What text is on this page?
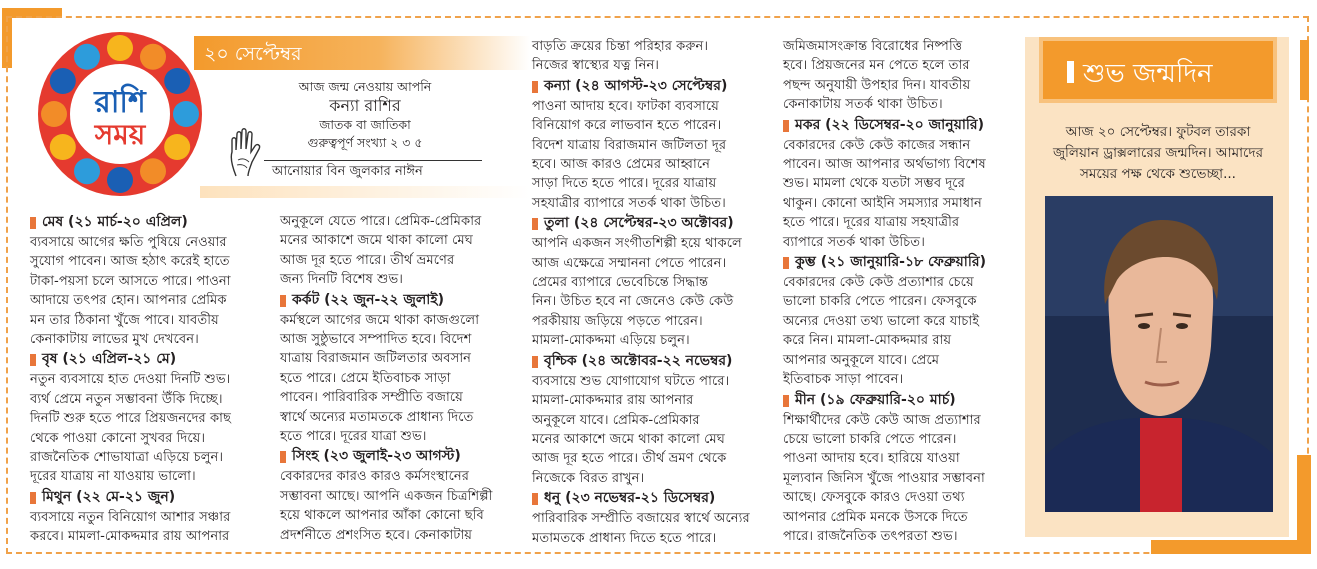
রাশি
সময়
২০ সেপ্টেম্বর
আজ জন্ম নেওয়ায় আপনি
কন্যা রাশির
জাতক বা জাতিকা
গুরুত্বপূর্ণ সংখ্যা ২ ৩ ৫
আনোয়ার বিন জুলকার নাঈন
মেষ (২১ মার্চ-২০ এপ্রিল)
ব্যবসায়ে আগের ক্ষতি পুষিয়ে নেওয়ার
সুযোগ পাবেন। আজ হঠাৎ করেই হাতে
টাকা-পয়সা চলে আসতে পারে। পাওনা
আদায়ে তৎপর হোন। আপনার প্রেমিক
মন তার ঠিকানা খুঁজে পাবে। যাবতীয়
কেনাকাটায় লাভের মুখ দেখবেন।
বৃষ (২১ এপ্রিল-২১ মে)
নতুন ব্যবসায়ে হাত দেওয়া দিনটি শুভ।
ব্যর্থ প্রেমে নতুন সম্ভাবনা উঁকি দিচ্ছে।
দিনটি শুরু হতে পারে প্রিয়জনদের কাছ
থেকে পাওয়া কোনো সুখবর দিয়ে।
রাজনৈতিক শোভাযাত্রা এড়িয়ে চলুন।
দূরের যাত্রায় না যাওয়ায় ভালো।
মিথুন (২২ মে-২১ জুন)
ব্যবসায়ে নতুন বিনিয়োগ আশার সঞ্চার
করবে। মামলা-মোকদ্দমার রায় আপনার
অনুকূলে যেতে পারে। প্রেমিক-প্রেমিকার
মনের আকাশে জমে থাকা কালো মেঘ
আজ দূর হতে পারে। তীর্থ ভ্রমণের
জন্য দিনটি বিশেষ শুভ।
কর্কট (২২ জুন-২২ জুলাই)
কর্মস্থলে আগের জমে থাকা কাজগুলো
আজ সুষ্ঠুভাবে সম্পাদিত হবে। বিদেশ
যাত্রায় বিরাজমান জটিলতার অবসান
হতে পারে। প্রেমে ইতিবাচক সাড়া
পাবেন। পারিবারিক সম্প্রীতি বজায়ে
স্বার্থে অন্যের মতামতকে প্রাধান্য দিতে
হতে পারে। দূরের যাত্রা শুভ।
সিংহ (২৩ জুলাই-২৩ আগস্ট)
বেকারদের কারও কারও কর্মসংস্থানের
সম্ভাবনা আছে। আপনি একজন চিত্রশিল্পী
হয়ে থাকলে আপনার আঁকা কোনো ছবি
প্রদর্শনীতে প্রশংসিত হবে। কেনাকাটায়
বাড়তি ক্রয়ের চিন্তা পরিহার করুন।
নিজের স্বাস্থ্যের যত্ন নিন।
কন্যা (২৪ আগস্ট-২৩ সেপ্টেম্বর)
পাওনা আদায় হবে। ফাটকা ব্যবসায়ে
বিনিয়োগ করে লাভবান হতে পারেন।
বিদেশ যাত্রায় বিরাজমান জটিলতা দূর
হবে। আজ কারও প্রেমের আহ্বানে
সাড়া দিতে হতে পারে। দূরের যাত্রায়
সহযাত্রীর ব্যাপারে সতর্ক থাকা উচিত।
তুলা (২৪ সেপ্টেম্বর-২৩ অক্টোবর)
আপনি একজন সংগীতশিল্পী হয়ে থাকলে
আজ এক্ষেত্রে সম্মাননা পেতে পারেন।
প্রেমের ব্যাপারে ভেবেচিন্তে সিদ্ধান্ত
নিন। উচিত হবে না জেনেও কেউ কেউ
পরকীয়ায় জড়িয়ে পড়তে পারেন।
মামলা-মোকদ্দমা এড়িয়ে চলুন।
বৃশ্চিক (২৪ অক্টোবর-২২ নভেম্বর)
ব্যবসায়ে শুভ যোগাযোগ ঘটতে পারে।
মামলা-মোকদ্দমার রায় আপনার
অনুকূলে যাবে। প্রেমিক-প্রেমিকার
মনের আকাশে জমে থাকা কালো মেঘ
আজ দূর হতে পারে। তীর্থ ভ্রমণ থেকে
নিজেকে বিরত রাখুন।
ধনু (২৩ নভেম্বর-২১ ডিসেম্বর)
পারিবারিক সম্প্রীতি বজায়ের স্বার্থে অন্যের
মতামতকে প্রাধান্য দিতে হতে পারে।
জমিজমাসংক্রান্ত বিরোধের নিষ্পত্তি
হবে। প্রিয়জনের মন পেতে হলে তার
পছন্দ অনুযায়ী উপহার দিন। যাবতীয়
কেনাকাটায় সতর্ক থাকা উচিত।
মকর (২২ ডিসেম্বর-২০ জানুয়ারি)
বেকারদের কেউ কেউ কাজের সন্ধান
পাবেন। আজ আপনার অর্থভাগ্য বিশেষ
শুভ। মামলা থেকে যতটা সম্ভব দূরে
থাকুন। কোনো আইনি সমস্যার সমাধান
হতে পারে। দূরের যাত্রায় সহযাত্রীর
ব্যাপারে সতর্ক থাকা উচিত।
কুম্ভ (২১ জানুয়ারি-১৮ ফেব্রুয়ারি)
বেকারদের কেউ কেউ প্রত্যাশার চেয়ে
ভালো চাকরি পেতে পারেন। ফেসবুকে
অন্যের দেওয়া তথ্য ভালো করে যাচাই
করে নিন। মামলা-মোকদ্দমার রায়
আপনার অনুকূলে যাবে। প্রেমে
ইতিবাচক সাড়া পাবেন।
মীন (১৯ ফেব্রুয়ারি-২০ মার্চ)
শিক্ষার্থীদের কেউ কেউ আজ প্রত্যাশার
চেয়ে ভালো চাকরি পেতে পারেন।
পাওনা আদায় হবে। হারিয়ে যাওয়া
মূল্যবান জিনিস খুঁজে পাওয়ার সম্ভাবনা
আছে। ফেসবুকে কারও দেওয়া তথ্য
আপনার প্রেমিক মনকে উসকে দিতে
পারে। রাজনৈতিক তৎপরতা শুভ।
শুভ জন্মদিন
আজ ২০ সেপ্টেম্বর। ফুটবল তারকা
জুলিয়ান ড্রাক্সলারের জন্মদিন। আমাদের
সময়ের পক্ষ থেকে শুভেচ্ছা...
